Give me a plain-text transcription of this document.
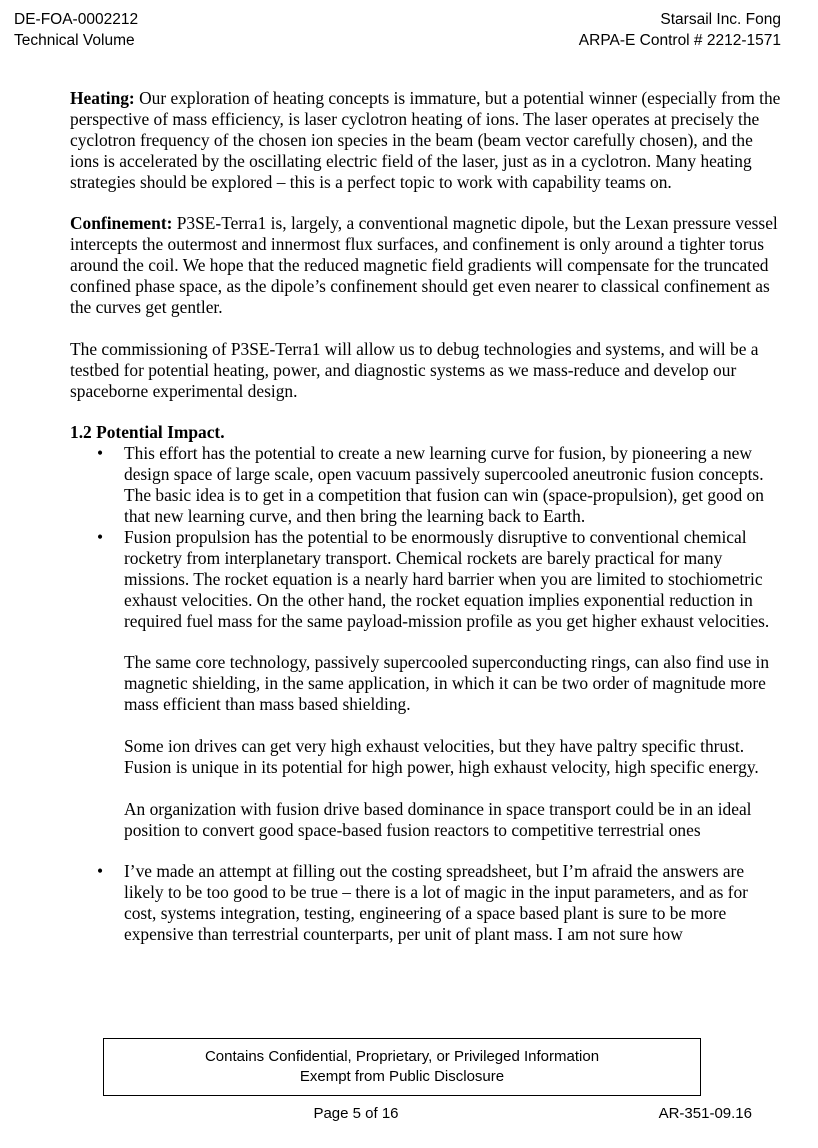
DE-FOA-0002212
Technical Volume
Starsail Inc. Fong
ARPA-E Control # 2212-1571

Heating: Our exploration of heating concepts is immature, but a potential winner (especially from the perspective of mass efficiency, is laser cyclotron heating of ions. The laser operates at precisely the cyclotron frequency of the chosen ion species in the beam (beam vector carefully chosen), and the ions is accelerated by the oscillating electric field of the laser, just as in a cyclotron. Many heating strategies should be explored – this is a perfect topic to work with capability teams on.

Confinement: P3SE-Terra1 is, largely, a conventional magnetic dipole, but the Lexan pressure vessel intercepts the outermost and innermost flux surfaces, and confinement is only around a tighter torus around the coil. We hope that the reduced magnetic field gradients will compensate for the truncated confined phase space, as the dipole’s confinement should get even nearer to classical confinement as the curves get gentler.

The commissioning of P3SE-Terra1 will allow us to debug technologies and systems, and will be a testbed for potential heating, power, and diagnostic systems as we mass-reduce and develop our spaceborne experimental design.

1.2 Potential Impact.
•	This effort has the potential to create a new learning curve for fusion, by pioneering a new design space of large scale, open vacuum passively supercooled aneutronic fusion concepts. The basic idea is to get in a competition that fusion can win (space-propulsion), get good on that new learning curve, and then bring the learning back to Earth.

•	Fusion propulsion has the potential to be enormously disruptive to conventional chemical rocketry from interplanetary transport. Chemical rockets are barely practical for many missions. The rocket equation is a nearly hard barrier when you are limited to stochiometric exhaust velocities. On the other hand, the rocket equation implies exponential reduction in required fuel mass for the same payload-mission profile as you get higher exhaust velocities.

The same core technology, passively supercooled superconducting rings, can also find use in magnetic shielding, in the same application, in which it can be two order of magnitude more mass efficient than mass based shielding.

Some ion drives can get very high exhaust velocities, but they have paltry specific thrust. Fusion is unique in its potential for high power, high exhaust velocity, high specific energy.

An organization with fusion drive based dominance in space transport could be in an ideal position to convert good space-based fusion reactors to competitive terrestrial ones

•	I’ve made an attempt at filling out the costing spreadsheet, but I’m afraid the answers are likely to be too good to be true – there is a lot of magic in the input parameters, and as for cost, systems integration, testing, engineering of a space based plant is sure to be more expensive than terrestrial counterparts, per unit of plant mass. I am not sure how

Contains Confidential, Proprietary, or Privileged Information
Exempt from Public Disclosure
Page 5 of 16	AR-351-09.16
